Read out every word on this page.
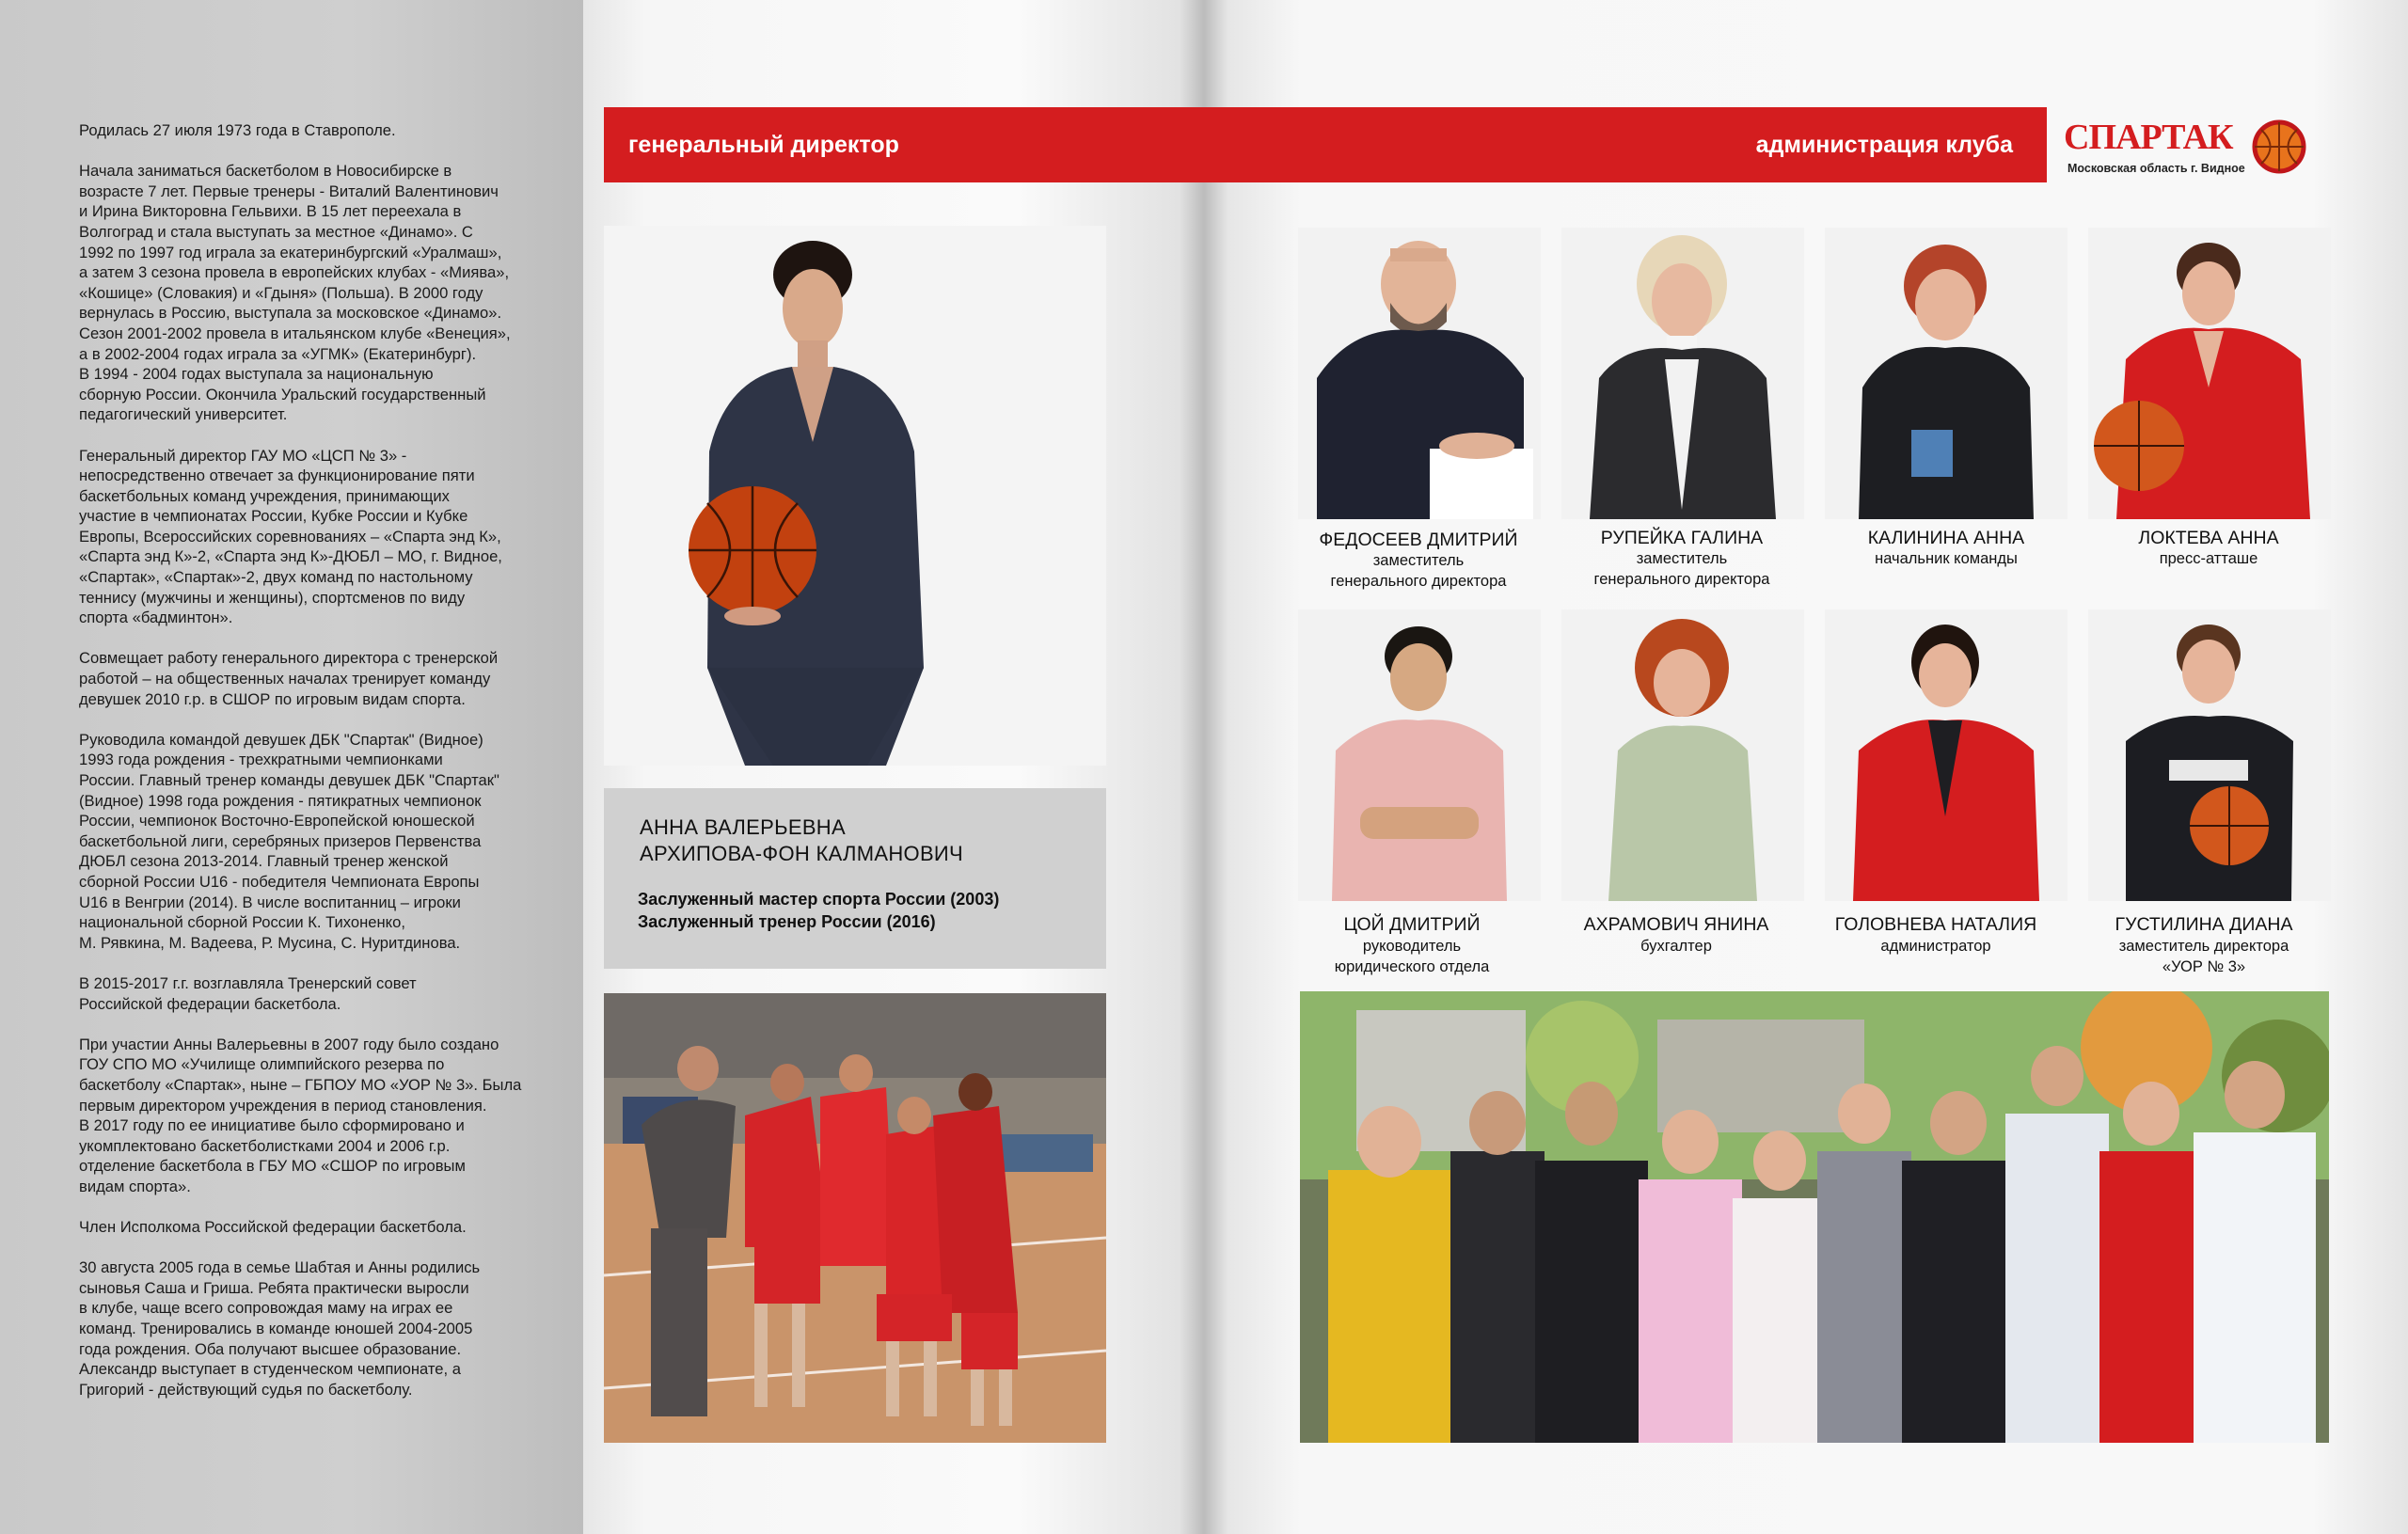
Родилась 27 июля 1973 года в Ставрополе.

Начала заниматься баскетболом в Новосибирске в
возрасте 7 лет. Первые тренеры - Виталий Валентинович
и Ирина Викторовна Гельвихи. В 15 лет переехала в
Волгоград и стала выступать за местное «Динамо». С
1992 по 1997 год играла за екатеринбургский «Уралмаш»,
а затем 3 сезона провела в европейских клубах - «Миява»,
«Кошице» (Словакия) и «Гдыня» (Польша). В 2000 году
вернулась в Россию, выступала за московское «Динамо».
Сезон 2001-2002 провела в итальянском клубе «Венеция»,
а в 2002-2004 годах играла за «УГМК» (Екатеринбург).
В 1994 - 2004 годах выступала за национальную
сборную России. Окончила Уральский государственный
педагогический университет.

Генеральный директор ГАУ МО «ЦСП № 3» -
непосредственно отвечает за функционирование пяти
баскетбольных команд учреждения, принимающих
участие в чемпионатах России, Кубке России и Кубке
Европы, Всероссийских соревнованиях – «Спарта энд К»,
«Спарта энд К»-2, «Спарта энд К»-ДЮБЛ – МО, г. Видное,
«Спартак», «Спартак»-2, двух команд по настольному
теннису (мужчины и женщины), спортсменов по виду
спорта «бадминтон».

Совмещает работу генерального директора с тренерской
работой – на общественных началах тренирует команду
девушек 2010 г.р. в СШОР по игровым видам спорта.

Руководила командой девушек ДБК "Спартак" (Видное)
1993 года рождения - трехкратными чемпионками
России. Главный тренер команды девушек ДБК "Спартак"
(Видное) 1998 года рождения - пятикратных чемпионок
России, чемпионок Восточно-Европейской юношеской
баскетбольной лиги, серебряных призеров Первенства
ДЮБЛ сезона 2013-2014. Главный тренер женской
сборной России U16 - победителя Чемпионата Европы
U16 в Венгрии (2014). В числе воспитанниц – игроки
национальной сборной России К. Тихоненко,
М. Рявкина, М. Вадеева, Р. Мусина, С. Нуритдинова.

В 2015-2017 г.г. возглавляла Тренерский совет
Российской федерации баскетбола.

При участии Анны Валерьевны в 2007 году было создано
ГОУ СПО МО «Училище олимпийского резерва по
баскетболу «Спартак», ныне – ГБПОУ МО «УОР № 3». Была
первым директором учреждения в период становления.
В 2017 году по ее инициативе было сформировано и
укомплектовано баскетболистками 2004 и 2006 г.р.
отделение баскетбола в ГБУ МО «СШОР по игровым
видам спорта».

Член Исполкома Российской федерации баскетбола.

30 августа 2005 года в семье Шабтая и Анны родились
сыновья Саша и Гриша. Ребята практически выросли
в клубе, чаще всего сопровождая маму на играх ее
команд. Тренировались в команде юношей 2004-2005
года рождения. Оба получают высшее образование.
Александр выступает в студенческом чемпионате, а
Григорий - действующий судья по баскетболу.

генеральный директор	администрация клуба СПАРТАК
Московская область г. Видное
АННА ВАЛЕРЬЕВНА
АРХИПОВА-ФОН КАЛМАНОВИЧ
Заслуженный мастер спорта России (2003)
Заслуженный тренер России (2016)
ФЕДОСЕЕВ ДМИТРИЙ
заместитель
генерального директора
РУПЕЙКА ГАЛИНА
заместитель
генерального директора
КАЛИНИНА АННА
начальник команды
ЛОКТЕВА АННА
пресс-атташе
ЦОЙ ДМИТРИЙ
руководитель
юридического отдела
АХРАМОВИЧ ЯНИНА
бухгалтер
ГОЛОВНЕВА НАТАЛИЯ
администратор
ГУСТИЛИНА ДИАНА
заместитель директора
«УОР № 3»
